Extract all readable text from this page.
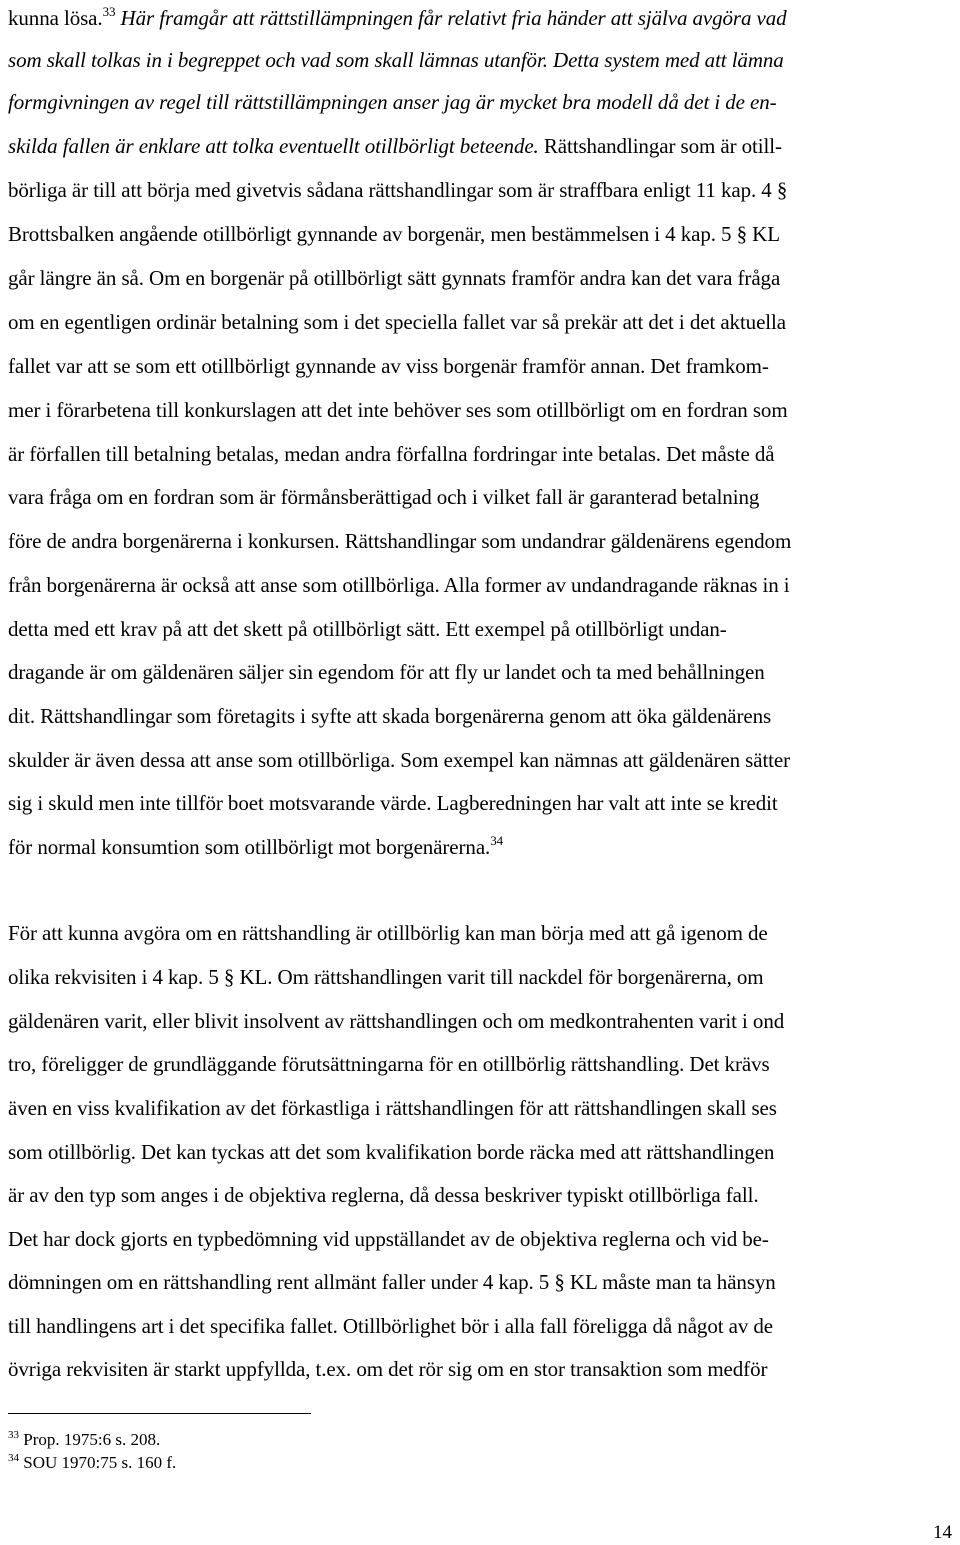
kunna lösa.$^{33}$ Här framgår att rättstillämpningen får relativt fria händer att själva avgöra vad
som skall tolkas in i begreppet och vad som skall lämnas utanför. Detta system med att lämna
formgivningen av regel till rättstillämpningen anser jag är mycket bra modell då det i de en-
skilda fallen är enklare att tolka eventuellt otillbörligt beteende. Rättshandlingar som är otill-
börliga är till att börja med givetvis sådana rättshandlingar som är straffbara enligt 11 kap. 4 §
Brottsbalken angående otillbörligt gynnande av borgenär, men bestämmelsen i 4 kap. 5 § KL
går längre än så. Om en borgenär på otillbörligt sätt gynnats framför andra kan det vara fråga
om en egentligen ordinär betalning som i det speciella fallet var så prekär att det i det aktuella
fallet var att se som ett otillbörligt gynnande av viss borgenär framför annan. Det framkom-
mer i förarbetena till konkurslagen att det inte behöver ses som otillbörligt om en fordran som
är förfallen till betalning betalas, medan andra förfallna fordringar inte betalas. Det måste då
vara fråga om en fordran som är förmånsberättigad och i vilket fall är garanterad betalning
före de andra borgenärerna i konkursen. Rättshandlingar som undandrar gäldenärens egendom
från borgenärerna är också att anse som otillbörliga. Alla former av undandragande räknas in i
detta med ett krav på att det skett på otillbörligt sätt. Ett exempel på otillbörligt undan-
dragande är om gäldenären säljer sin egendom för att fly ur landet och ta med behållningen
dit. Rättshandlingar som företagits i syfte att skada borgenärerna genom att öka gäldenärens
skulder är även dessa att anse som otillbörliga. Som exempel kan nämnas att gäldenären sätter
sig i skuld men inte tillför boet motsvarande värde. Lagberedningen har valt att inte se kredit
för normal konsumtion som otillbörligt mot borgenärerna.$^{34}$
För att kunna avgöra om en rättshandling är otillbörlig kan man börja med att gå igenom de
olika rekvisiten i 4 kap. 5 § KL. Om rättshandlingen varit till nackdel för borgenärerna, om
gäldenären varit, eller blivit insolvent av rättshandlingen och om medkontrahenten varit i ond
tro, föreligger de grundläggande förutsättningarna för en otillbörlig rättshandling. Det krävs
även en viss kvalifikation av det förkastliga i rättshandlingen för att rättshandlingen skall ses
som otillbörlig. Det kan tyckas att det som kvalifikation borde räcka med att rättshandlingen
är av den typ som anges i de objektiva reglerna, då dessa beskriver typiskt otillbörliga fall.
Det har dock gjorts en typbedömning vid uppställandet av de objektiva reglerna och vid be-
dömningen om en rättshandling rent allmänt faller under 4 kap. 5 § KL måste man ta hänsyn
till handlingens art i det specifika fallet. Otillbörlighet bör i alla fall föreligga då något av de
övriga rekvisiten är starkt uppfyllda, t.ex. om det rör sig om en stor transaktion som medför
$^{33}$ Prop. 1975:6 s. 208.
$^{34}$ SOU 1970:75 s. 160 f.
14
